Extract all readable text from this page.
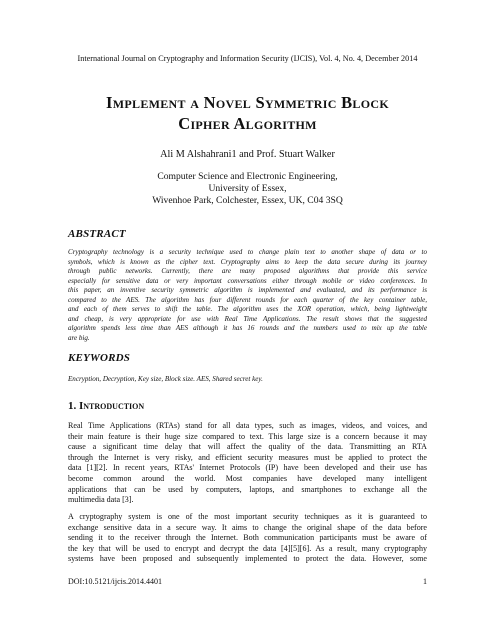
International Journal on Cryptography and Information Security (IJCIS), Vol. 4, No. 4, December 2014
Implement a Novel Symmetric Block
Cipher Algorithm
Ali M Alshahrani1 and Prof. Stuart Walker
Computer Science and Electronic Engineering,
University of Essex,
Wivenhoe Park, Colchester, Essex, UK, C04 3SQ
ABSTRACT
Cryptography technology is a security technique used to change plain text to another shape of data or to
symbols, which is known as the cipher text. Cryptography aims to keep the data secure during its journey
through public networks. Currently, there are many proposed algorithms that provide this service
especially for sensitive data or very important conversations either through mobile or video conferences. In
this paper, an inventive security symmetric algorithm is implemented and evaluated, and its performance is
compared to the AES. The algorithm has four different rounds for each quarter of the key container table,
and each of them serves to shift the table. The algorithm uses the XOR operation, which, being lightweight
and cheap, is very appropriate for use with Real Time Applications. The result shows that the suggested
algorithm spends less time than AES although it has 16 rounds and the numbers used to mix up the table
are big.
KEYWORDS
Encryption, Decryption, Key size, Block size. AES, Shared secret key.
1. Introduction
Real Time Applications (RTAs) stand for all data types, such as images, videos, and voices, and
their main feature is their huge size compared to text. This large size is a concern because it may
cause a significant time delay that will affect the quality of the data. Transmitting an RTA
through the Internet is very risky, and efficient security measures must be applied to protect the
data [1][2]. In recent years, RTAs' Internet Protocols (IP) have been developed and their use has
become common around the world. Most companies have developed many intelligent
applications that can be used by computers, laptops, and smartphones to exchange all the
multimedia data [3].
A cryptography system is one of the most important security techniques as it is guaranteed to
exchange sensitive data in a secure way. It aims to change the original shape of the data before
sending it to the receiver through the Internet. Both communication participants must be aware of
the key that will be used to encrypt and decrypt the data [4][5][6]. As a result, many cryptography
systems have been proposed and subsequently implemented to protect the data. However, some
DOI:10.5121/ijcis.2014.4401	1
